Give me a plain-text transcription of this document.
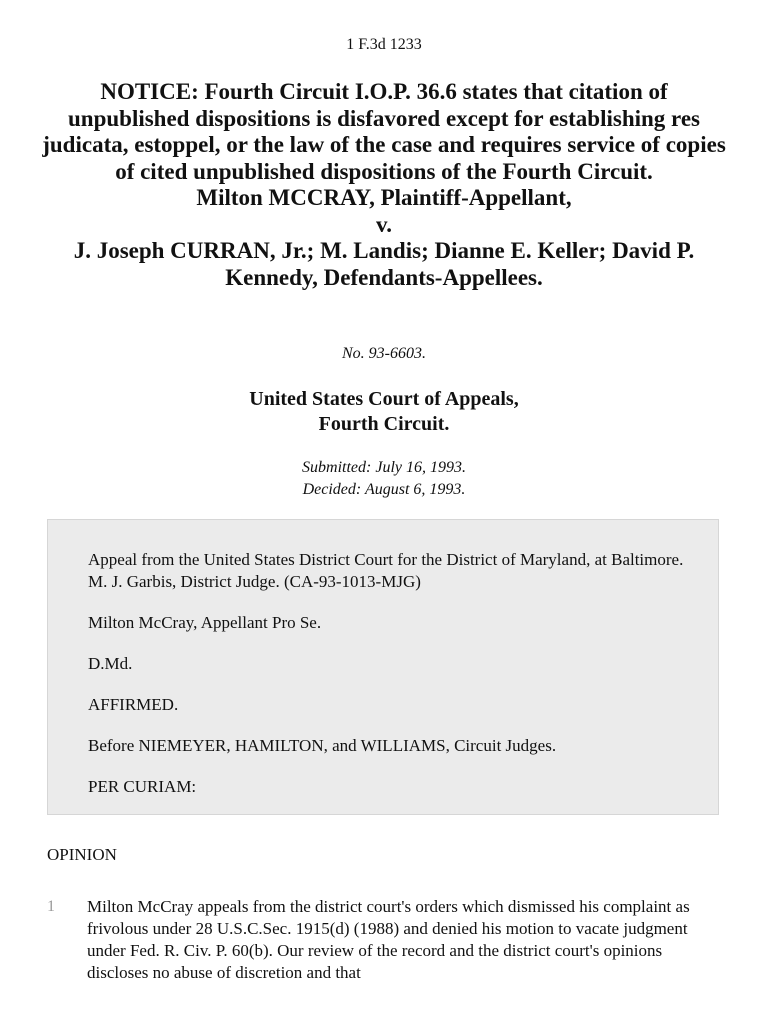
1 F.3d 1233
NOTICE: Fourth Circuit I.O.P. 36.6 states that citation of unpublished dispositions is disfavored except for establishing res judicata, estoppel, or the law of the case and requires service of copies of cited unpublished dispositions of the Fourth Circuit.
Milton MCCRAY, Plaintiff-Appellant,
v.
J. Joseph CURRAN, Jr.; M. Landis; Dianne E. Keller; David P. Kennedy, Defendants-Appellees.
No. 93-6603.
United States Court of Appeals,
Fourth Circuit.
Submitted: July 16, 1993.
Decided: August 6, 1993.
Appeal from the United States District Court for the District of Maryland, at Baltimore. M. J. Garbis, District Judge. (CA-93-1013-MJG)
Milton McCray, Appellant Pro Se.
D.Md.
AFFIRMED.
Before NIEMEYER, HAMILTON, and WILLIAMS, Circuit Judges.
PER CURIAM:
OPINION
1 Milton McCray appeals from the district court's orders which dismissed his complaint as frivolous under 28 U.S.C.Sec. 1915(d) (1988) and denied his motion to vacate judgment under Fed. R. Civ. P. 60(b). Our review of the record and the district court's opinions discloses no abuse of discretion and that
